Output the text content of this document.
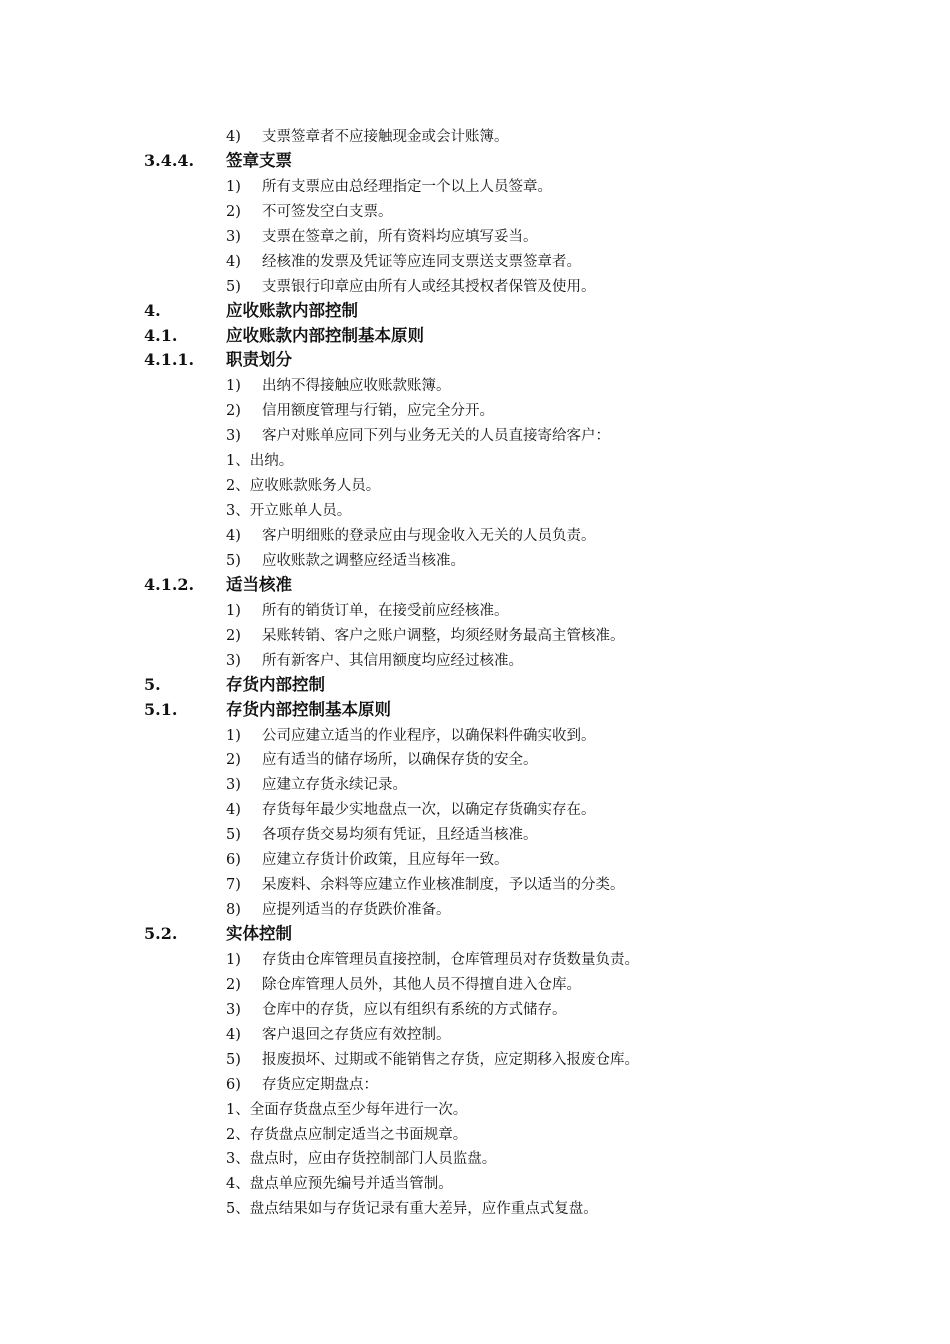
4) 支票签章者不应接触现金或会计账簿。
3.4.4. 签章支票
1) 所有支票应由总经理指定一个以上人员签章。
2) 不可签发空白支票。
3) 支票在签章之前，所有资料均应填写妥当。
4) 经核准的发票及凭证等应连同支票送支票签章者。
5) 支票银行印章应由所有人或经其授权者保管及使用。
4.	应收账款内部控制
4.1.	应收账款内部控制基本原则
4.1.1. 职责划分
1) 出纳不得接触应收账款账簿。
2) 信用额度管理与行销，应完全分开。
3) 客户对账单应同下列与业务无关的人员直接寄给客户：
1、出纳。
2、应收账款账务人员。
3、开立账单人员。
4) 客户明细账的登录应由与现金收入无关的人员负责。
5) 应收账款之调整应经适当核准。
4.1.2. 适当核准
1) 所有的销货订单，在接受前应经核准。
2) 呆账转销、客户之账户调整，均须经财务最高主管核准。
3) 所有新客户、其信用额度均应经过核准。
5.	存货内部控制
5.1.	存货内部控制基本原则
1) 公司应建立适当的作业程序，以确保料件确实收到。
2) 应有适当的储存场所，以确保存货的安全。
3) 应建立存货永续记录。
4) 存货每年最少实地盘点一次，以确定存货确实存在。
5) 各项存货交易均须有凭证，且经适当核准。
6) 应建立存货计价政策，且应每年一致。
7) 呆废料、余料等应建立作业核准制度，予以适当的分类。
8) 应提列适当的存货跌价准备。
5.2.	实体控制
1) 存货由仓库管理员直接控制，仓库管理员对存货数量负责。
2) 除仓库管理人员外，其他人员不得擅自进入仓库。
3) 仓库中的存货，应以有组织有系统的方式储存。
4) 客户退回之存货应有效控制。
5) 报废损坏、过期或不能销售之存货，应定期移入报废仓库。
6) 存货应定期盘点：
1、全面存货盘点至少每年进行一次。
2、存货盘点应制定适当之书面规章。
3、盘点时，应由存货控制部门人员监盘。
4、盘点单应预先编号并适当管制。
5、盘点结果如与存货记录有重大差异，应作重点式复盘。
